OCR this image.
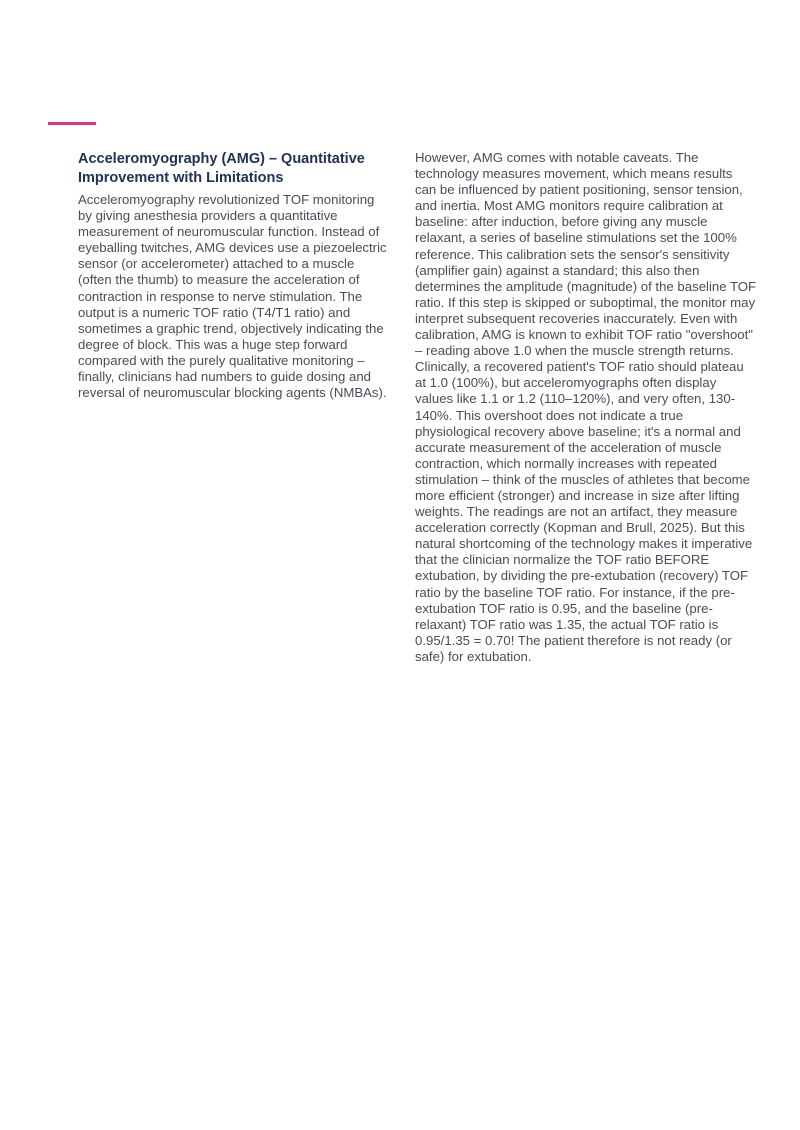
Acceleromyography (AMG) – Quantitative Improvement with Limitations

Acceleromyography revolutionized TOF monitoring by giving anesthesia providers a quantitative measurement of neuromuscular function. Instead of eyeballing twitches, AMG devices use a piezoelectric sensor (or accelerometer) attached to a muscle (often the thumb) to measure the acceleration of contraction in response to nerve stimulation. The output is a numeric TOF ratio (T4/T1 ratio) and sometimes a graphic trend, objectively indicating the degree of block. This was a huge step forward compared with the purely qualitative monitoring – finally, clinicians had numbers to guide dosing and reversal of neuromuscular blocking agents (NMBAs).

However, AMG comes with notable caveats. The technology measures movement, which means results can be influenced by patient positioning, sensor tension, and inertia. Most AMG monitors require calibration at baseline: after induction, before giving any muscle relaxant, a series of baseline stimulations set the 100% reference. This calibration sets the sensor's sensitivity (amplifier gain) against a standard; this also then determines the amplitude (magnitude) of the baseline TOF ratio. If this step is skipped or suboptimal, the monitor may interpret subsequent recoveries inaccurately. Even with calibration, AMG is known to exhibit TOF ratio "overshoot" – reading above 1.0 when the muscle strength returns. Clinically, a recovered patient's TOF ratio should plateau at 1.0 (100%), but acceleromyographs often display values like 1.1 or 1.2 (110–120%), and very often, 130-140%. This overshoot does not indicate a true physiological recovery above baseline; it's a normal and accurate measurement of the acceleration of muscle contraction, which normally increases with repeated stimulation – think of the muscles of athletes that become more efficient (stronger) and increase in size after lifting weights. The readings are not an artifact, they measure acceleration correctly (Kopman and Brull, 2025). But this natural shortcoming of the technology makes it imperative that the clinician normalize the TOF ratio BEFORE extubation, by dividing the pre-extubation (recovery) TOF ratio by the baseline TOF ratio. For instance, if the pre-extubation TOF ratio is 0.95, and the baseline (pre-relaxant) TOF ratio was 1.35, the actual TOF ratio is 0.95/1.35 = 0.70! The patient therefore is not ready (or safe) for extubation.
